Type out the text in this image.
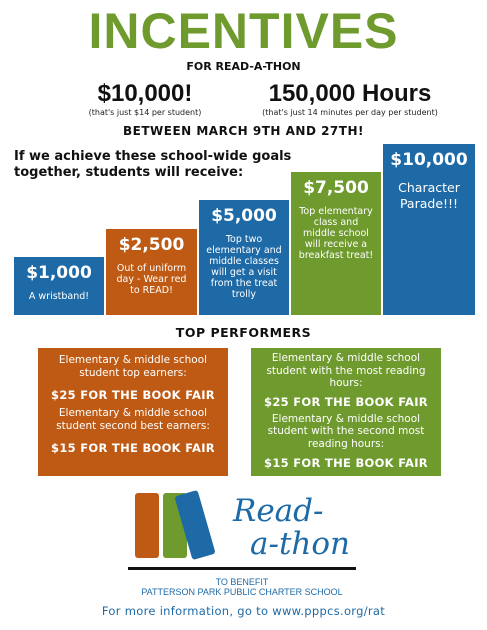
INCENTIVES
FOR READ-A-THON
$10,000!
(that's just $14 per student)
150,000 Hours
(that's just 14 minutes per day per student)
BETWEEN MARCH 9TH AND 27TH!
If we achieve these school-wide goals together, students will receive:
$1,000
A wristband!
$2,500
Out of uniform day - Wear red to READ!
$5,000
Top two elementary and middle classes will get a visit from the treat trolly
$7,500
Top elementary class and middle school will receive a breakfast treat!
$10,000
Character Parade!!!
TOP PERFORMERS
Elementary & middle school student top earners:
$25 FOR THE BOOK FAIR
Elementary & middle school student second best earners:
$15 FOR THE BOOK FAIR
Elementary & middle school student with the most reading hours:
$25 FOR THE BOOK FAIR
Elementary & middle school student with the second most reading hours:
$15 FOR THE BOOK FAIR
Read-
a-thon
TO BENEFIT
PATTERSON PARK PUBLIC CHARTER SCHOOL
For more information, go to www.pppcs.org/rat
